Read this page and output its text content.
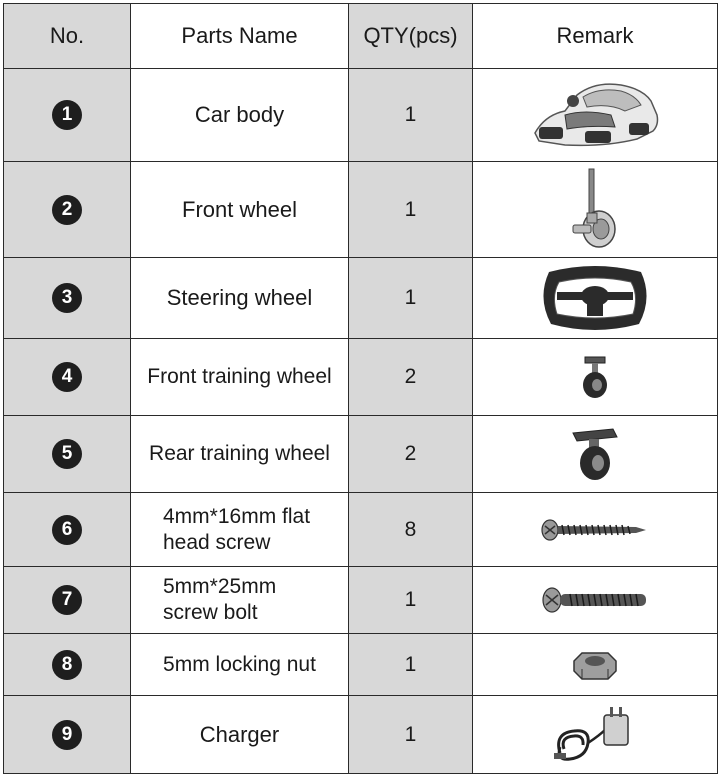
No.	Parts Name	QTY(pcs)	Remark
1	Car body	1

2	Front wheel	1

3	Steering wheel	1

4	Front training wheel	2

5	Rear training wheel	2

6	4mm*16mm flat
head screw	8

7	5mm*25mm
screw bolt	1

8	5mm locking nut	1

9	Charger	1
